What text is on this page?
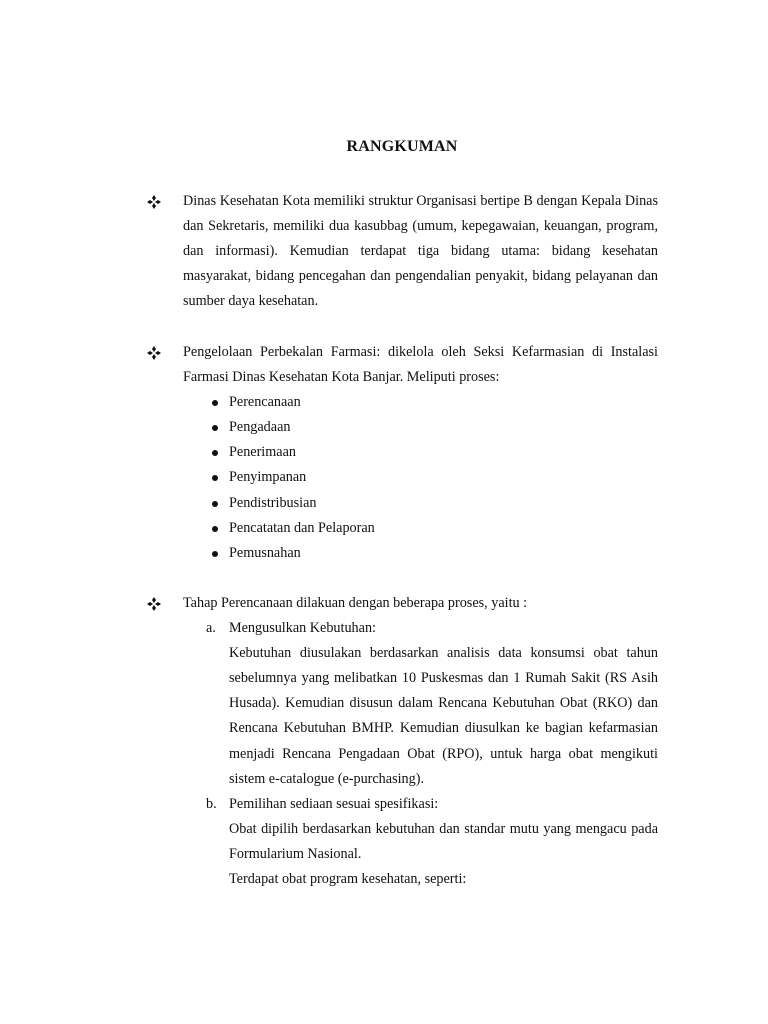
RANGKUMAN
Dinas Kesehatan Kota memiliki struktur Organisasi bertipe B dengan Kepala Dinas dan Sekretaris, memiliki dua kasubbag (umum, kepegawaian, keuangan, program, dan informasi). Kemudian terdapat tiga bidang utama: bidang kesehatan masyarakat, bidang pencegahan dan pengendalian penyakit, bidang pelayanan dan sumber daya kesehatan.
Pengelolaan Perbekalan Farmasi: dikelola oleh Seksi Kefarmasian di Instalasi Farmasi Dinas Kesehatan Kota Banjar. Meliputi proses:
Perencanaan
Pengadaan
Penerimaan
Penyimpanan
Pendistribusian
Pencatatan dan Pelaporan
Pemusnahan
Tahap Perencanaan dilakuan dengan beberapa proses, yaitu :
a. Mengusulkan Kebutuhan:
Kebutuhan diusulakan berdasarkan analisis data konsumsi obat tahun sebelumnya yang melibatkan 10 Puskesmas dan 1 Rumah Sakit (RS Asih Husada). Kemudian disusun dalam Rencana Kebutuhan Obat (RKO) dan Rencana Kebutuhan BMHP. Kemudian diusulkan ke bagian kefarmasian menjadi Rencana Pengadaan Obat (RPO), untuk harga obat mengikuti sistem e-catalogue (e-purchasing).
b. Pemilihan sediaan sesuai spesifikasi:
Obat dipilih berdasarkan kebutuhan dan standar mutu yang mengacu pada Formularium Nasional.
Terdapat obat program kesehatan, seperti:
